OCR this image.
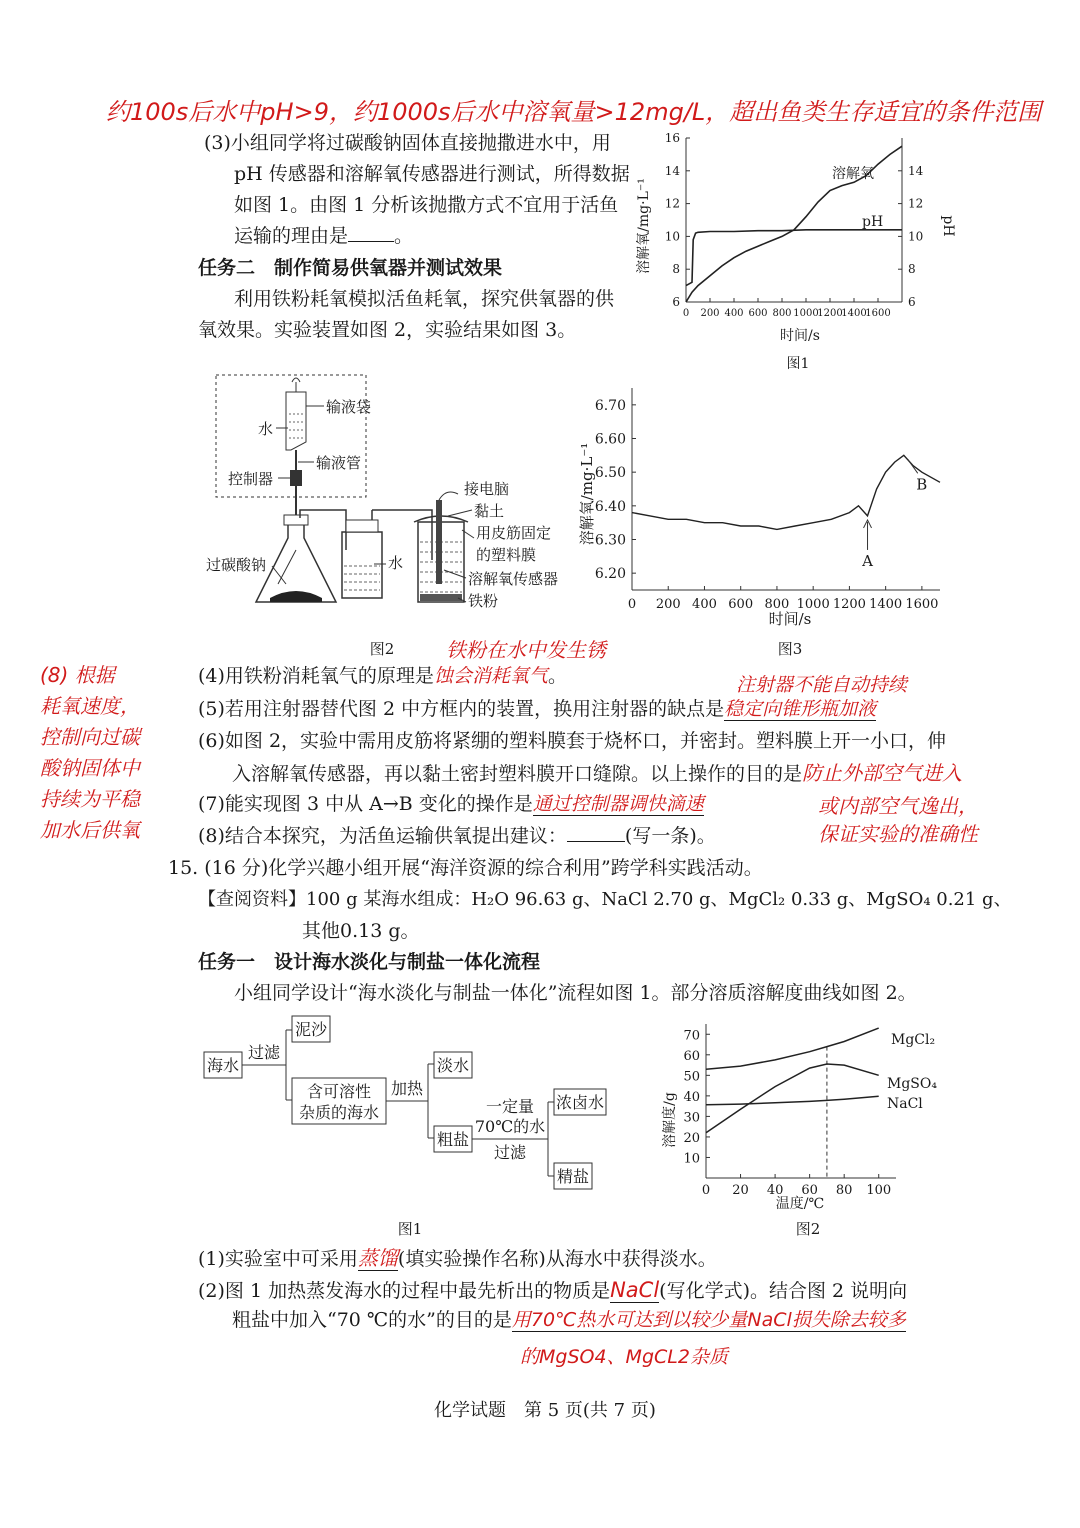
约100s后水中pH>9，约1000s后水中溶氧量>12mg/L，超出鱼类生存适宜的条件范围
(3)小组同学将过碳酸钠固体直接抛撒进水中，用
pH 传感器和溶解氧传感器进行测试，所得数据
如图 1。由图 1 分析该抛撒方式不宜用于活鱼
运输的理由是 。
任务二　制作简易供氧器并测试效果
利用铁粉耗氧模拟活鱼耗氧，探究供氧器的供
氧效果。实验装置如图 2，实验结果如图 3。
0 200 400 600 800 1000
1200
1400
1600
6
8
10
12
14
16
6
8
10
12
14
溶解氧/mg·L⁻¹	pH
时间/s
溶解氧
pH
图1
输液袋
水
输液管
控制器
过碳酸钠	水
接电脑
黏土
用皮筋固定
的塑料膜
溶解氧传感器
铁粉
图2
0 200 400 600 800 1000 1200 1400 1600
6.20
6.30
6.40
6.50
6.60
6.70
A
B
溶解氧/mg·L⁻¹
时间/s
图3
铁粉在水中发生锈
注射器不能自动持续
(8) 根据
耗氧速度，
控制向过碳
酸钠固体中
持续为平稳
加水后供氧
(4)用铁粉消耗氧气的原理是蚀会消耗氧气。
(5)若用注射器替代图 2 中方框内的装置，换用注射器的缺点是稳定向锥形瓶加液
(6)如图 2，实验中需用皮筋将紧绷的塑料膜套于烧杯口，并密封。塑料膜上开一小口，伸
入溶解氧传感器，再以黏土密封塑料膜开口缝隙。以上操作的目的是防止外部空气进入
或内部空气逸出，
保证实验的准确性
(7)能实现图 3 中从 A→B 变化的操作是通过控制器调快滴速
(8)结合本探究，为活鱼运输供氧提出建议：	(写一条)。
15. (16 分)化学兴趣小组开展“海洋资源的综合利用”跨学科实践活动。
【查阅资料】100 g 某海水组成：H₂O 96.63 g、NaCl 2.70 g、MgCl₂ 0.33 g、MgSO₄ 0.21 g、
其他0.13 g。
任务一　设计海水淡化与制盐一体化流程
小组同学设计“海水淡化与制盐一体化”流程如图 1。部分溶质溶解度曲线如图 2。
海水
过滤
泥沙
含可溶性
杂质的海水
加热
淡水
粗盐
一定量
70℃的水
过滤
浓卤水
精盐
图1
0 20 40 60 80 100
10
20
30
40
50
60
70
溶解度/g
温度/℃
MgCl₂
MgSO₄
NaCl
图2
(1)实验室中可采用蒸馏(填实验操作名称)从海水中获得淡水。
(2)图 1 加热蒸发海水的过程中最先析出的物质是NaCl(写化学式)。结合图 2 说明向
粗盐中加入“70 ℃的水”的目的是用70℃热水可达到以较少量NaCl损失除去较多
的MgSO4、MgCL2杂质
化学试题　第 5 页(共 7 页)
